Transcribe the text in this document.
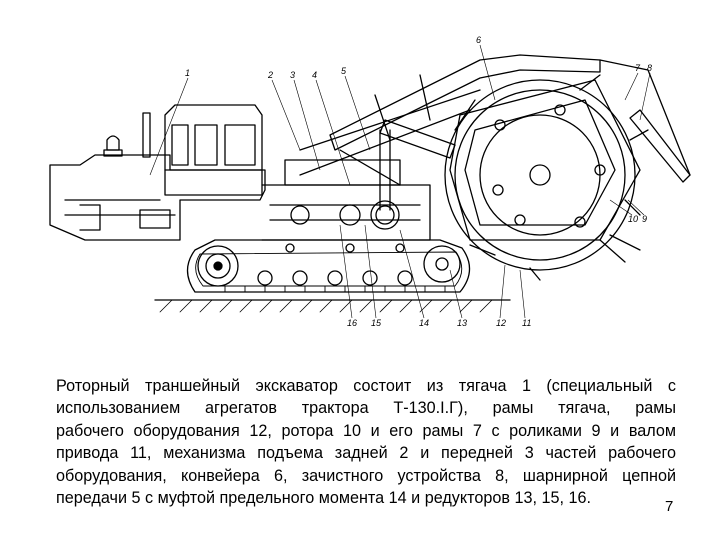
1	2 3 4	5
6
7 8
9
10
11
12
13
14
15
16
Роторный траншейный экскаватор состоит из тягача 1 (специальный с
использованием агрегатов трактора Т-130.I.Г), рамы тягача, рамы
рабочего оборудования 12, ротора 10 и его рамы 7 с роликами 9 и валом
привода 11, механизма подъема задней 2 и передней 3 частей рабочего
оборудования, конвейера 6, зачистного устройства 8, шарнирной цепной
передачи 5 с муфтой предельного момента 14 и редукторов 13, 15, 16.	7
